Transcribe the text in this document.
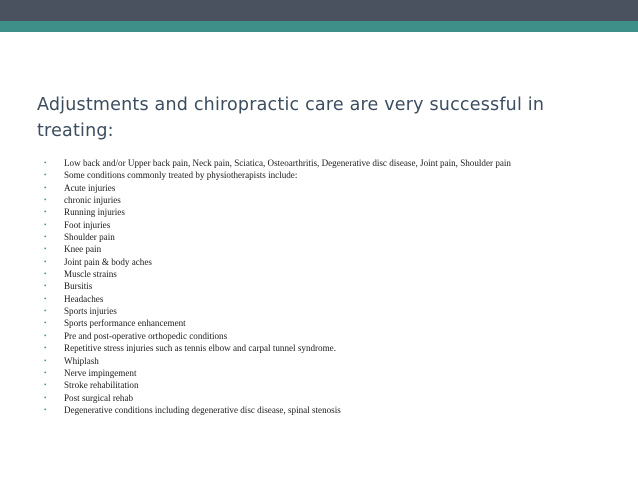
Adjustments and chiropractic care are very successful in treating:
•	Low back and/or Upper back pain, Neck pain, Sciatica, Osteoarthritis, Degenerative disc disease, Joint pain, Shoulder pain
•	Some conditions commonly treated by physiotherapists include:
•	Acute injuries
•	chronic injuries
•	Running injuries
•	Foot injuries
•	Shoulder pain
•	Knee pain
•	Joint pain & body aches
•	Muscle strains
•	Bursitis
•	Headaches
•	Sports injuries
•	Sports performance enhancement
•	Pre and post-operative orthopedic conditions
•	Repetitive stress injuries such as tennis elbow and carpal tunnel syndrome.
•	Whiplash
•	Nerve impingement
•	Stroke rehabilitation
•	Post surgical rehab
•	Degenerative conditions including degenerative disc disease, spinal stenosis
